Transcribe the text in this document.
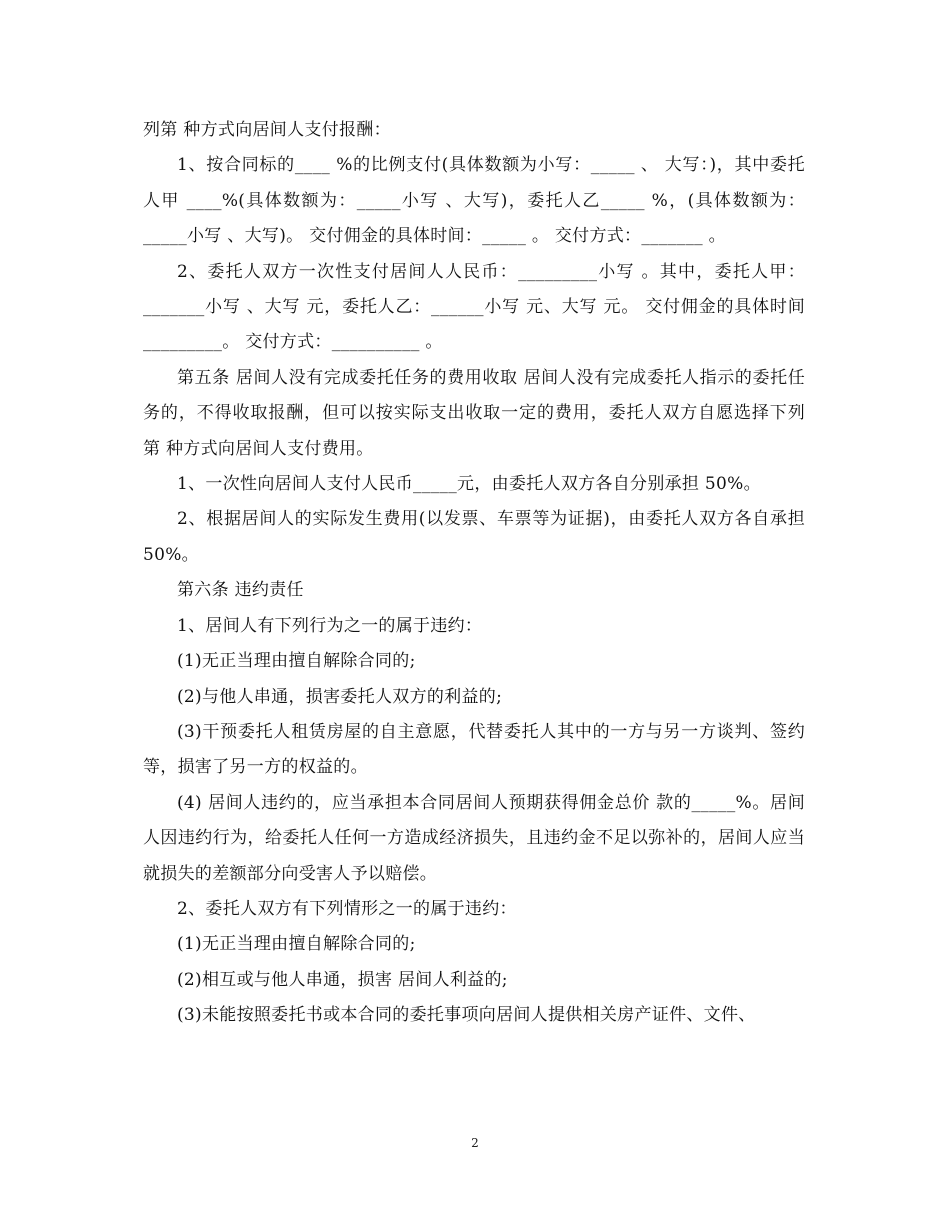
列第 种方式向居间人支付报酬：

1、按合同标的____ %的比例支付(具体数额为小写：_____ 、 大写：)，其中委托人甲 ____%(具体数额为：_____小写 、大写)，委托人乙_____ %，(具体数额为：_____小写 、大写)。 交付佣金的具体时间：_____ 。 交付方式：_______ 。

2、委托人双方一次性支付居间人人民币：_________小写 。其中，委托人甲：_______小写 、大写 元，委托人乙：______小写 元、大写 元。 交付佣金的具体时间 _________。 交付方式：__________ 。

第五条 居间人没有完成委托任务的费用收取 居间人没有完成委托人指示的委托任务的，不得收取报酬，但可以按实际支出收取一定的费用，委托人双方自愿选择下列 第 种方式向居间人支付费用。

1、一次性向居间人支付人民币_____元，由委托人双方各自分别承担 50%。

2、根据居间人的实际发生费用(以发票、车票等为证据)，由委托人双方各自承担 50%。

第六条 违约责任

1、居间人有下列行为之一的属于违约：

(1)无正当理由擅自解除合同的;

(2)与他人串通，损害委托人双方的利益的;

(3)干预委托人租赁房屋的自主意愿，代替委托人其中的一方与另一方谈判、签约等，损害了另一方的权益的。

(4) 居间人违约的，应当承担本合同居间人预期获得佣金总价 款的_____%。居间人因违约行为，给委托人任何一方造成经济损失，且违约金不足以弥补的，居间人应当就损失的差额部分向受害人予以赔偿。

2、委托人双方有下列情形之一的属于违约：

(1)无正当理由擅自解除合同的;

(2)相互或与他人串通，损害 居间人利益的;

(3)未能按照委托书或本合同的委托事项向居间人提供相关房产证件、文件、

2
